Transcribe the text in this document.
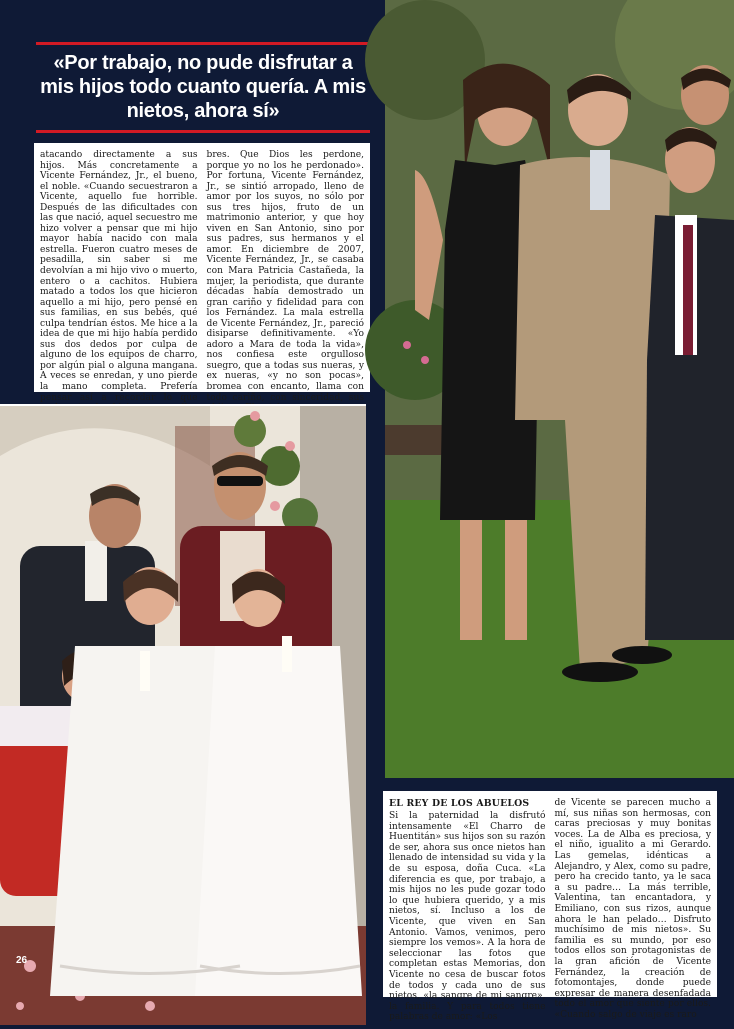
«Por trabajo, no pude disfrutar a mis hijos todo cuanto quería. A mis nietos, ahora sí»

atacando directamente a sus hijos. Más concretamente a Vicente Fernández, Jr., el bueno, el noble. «Cuando secuestraron a Vicente, aquello fue horrible. Después de las dificultades con las que nació, aquel secuestro me hizo volver a pensar que mi hijo mayor había nacido con mala estrella. Fueron cuatro meses de pesadilla, sin saber si me devolvían a mi hijo vivo o muerto, entero o a cachitos. Hubiera matado a todos los que hicieron aquello a mi hijo, pero pensé en sus familias, en sus bebés, qué culpa tendrían éstos. Me hice a la idea de que mi hijo había perdido sus dos dedos por culpa de alguno de los equipos de charro, por algún pial o alguna manganа. A veces se enredan, y uno pierde la mano completa. Prefería pensar así a recordar lo que

bres. Que Dios les perdone, porque yo no los he perdonado». Por fortuna, Vicente Fernández, Jr., se sintió arropado, lleno de amor por los suyos, no sólo por sus tres hijos, fruto de un matrimonio anterior, y que hoy viven en San Antonio, sino por sus padres, sus hermanos y el amor. En diciembre de 2007, Vicente Fernández, Jr., se casaba con Mara Patricia Castañeda, la mujer, la periodista, que durante décadas había demostrado un gran cariño y fidelidad para con los Fernández. La mala estrella de Vicente Fernández, Jr., pareció disiparse definitivamente. «Yo adoro a Mara de toda la vida», nos confiesa este orgulloso suegro, que a todas sus nueras, y ex nueras, «y no son pocas», bromea con encanto, llama con todo cariño, con sinceridad, sus

26
EL REY DE LOS ABUELOS

Si la paternidad la disfrutó intensamente «El Charro de Huentitán» sus hijos son su razón de ser, ahora sus once nietos han llenado de intensidad su vida y la de su esposa, doña Cuca. «La diferencia es que, por trabajo, a mis hijos no les pude gozar todo lo que hubiera querido, y a mis nietos, sí. Incluso a los de Vicente, que viven en San Antonio. Vamos, venimos, pero siempre los vemos». A la hora de seleccionar las fotos que completan estas Memorias, don Vicente no cesa de buscar fotos de todos y cada uno de sus nietos, «la sangre de mi sangre», la familia. Y para todos tiene palabras de amor: «Los

de Vicente se parecen mucho a mí, sus niñas son hermosas, con caras preciosas y muy bonitas voces. La de Alba es preciosa, y el niño, igualito a mi Gerardo. Las gemelas, idénticas a Alejandro, y Alex, como su padre, pero ha crecido tanto, ya le saca a su padre… La más terrible, Valentina, tan encantadora, y Emiliano, con sus rizos, aunque ahora le han pelado… Disfruto muchísimo de mis nietos». Su familia es su mundo, por eso todos ellos son protagonistas de la gran afición de Vicente Fernández, la creación de fotomontajes, donde puede expresar de manera desenfadada todo el amor que siente por ellos. «Cuando salgo de viaje es raro
